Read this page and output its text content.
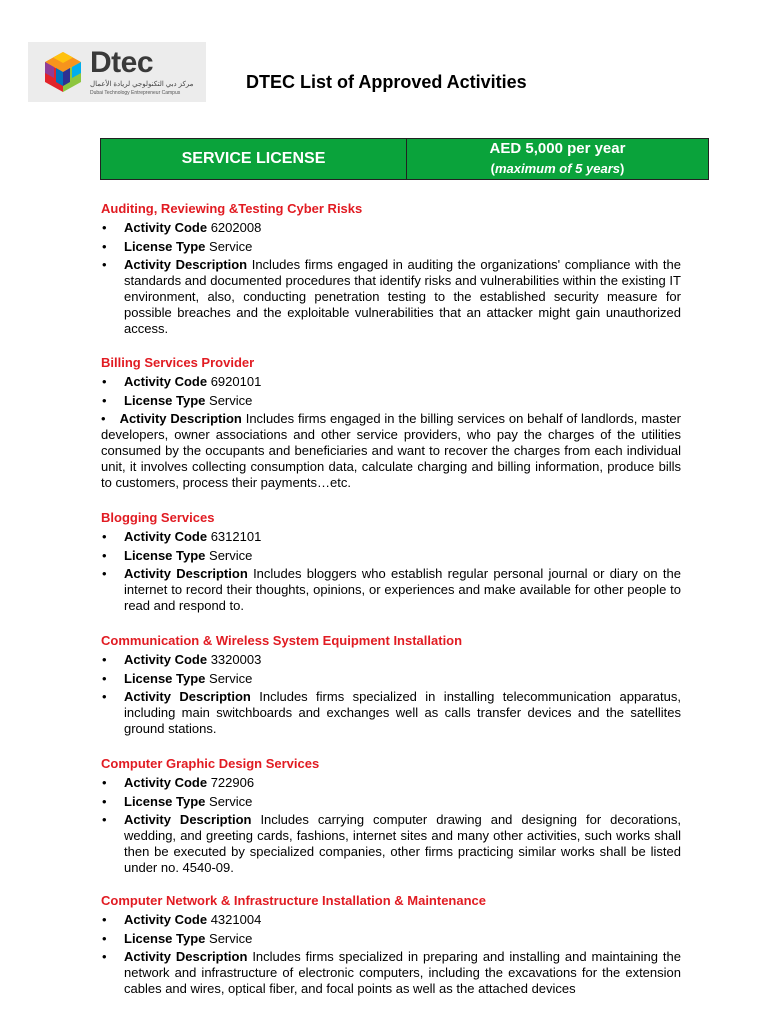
Dtec
مركز دبي التكنولوجي لريادة الأعمال
Dubai Technology Entrepreneur Campus
DTEC List of Approved Activities
SERVICE LICENSE
AED 5,000 per year
(maximum of 5 years)
Auditing, Reviewing &Testing Cyber Risks
• Activity Code 6202008
• License Type Service
• Activity Description Includes firms engaged in auditing the organizations' compliance with the standards and documented procedures that identify risks and vulnerabilities within the existing IT environment, also, conducting penetration testing to the established security measure for possible breaches and the exploitable vulnerabilities that an attacker might gain unauthorized access.
Billing Services Provider
• Activity Code 6920101
• License Type Service
• Activity Description Includes firms engaged in the billing services on behalf of landlords, master developers, owner associations and other service providers, who pay the charges of the utilities consumed by the occupants and beneficiaries and want to recover the charges from each individual unit, it involves collecting consumption data, calculate charging and billing information, produce bills to customers, process their payments…etc.
Blogging Services
• Activity Code 6312101
• License Type Service
• Activity Description Includes bloggers who establish regular personal journal or diary on the internet to record their thoughts, opinions, or experiences and make available for other people to read and respond to.
Communication & Wireless System Equipment Installation
• Activity Code 3320003
• License Type Service
• Activity Description Includes firms specialized in installing telecommunication apparatus, including main switchboards and exchanges well as calls transfer devices and the satellites ground stations.
Computer Graphic Design Services
• Activity Code 722906
• License Type Service
• Activity Description Includes carrying computer drawing and designing for decorations, wedding, and greeting cards, fashions, internet sites and many other activities, such works shall then be executed by specialized companies, other firms practicing similar works shall be listed under no. 4540-09.
Computer Network & Infrastructure Installation & Maintenance
• Activity Code 4321004
• License Type Service
• Activity Description Includes firms specialized in preparing and installing and maintaining the network and infrastructure of electronic computers, including the excavations for the extension cables and wires, optical fiber, and focal points as well as the attached devices
